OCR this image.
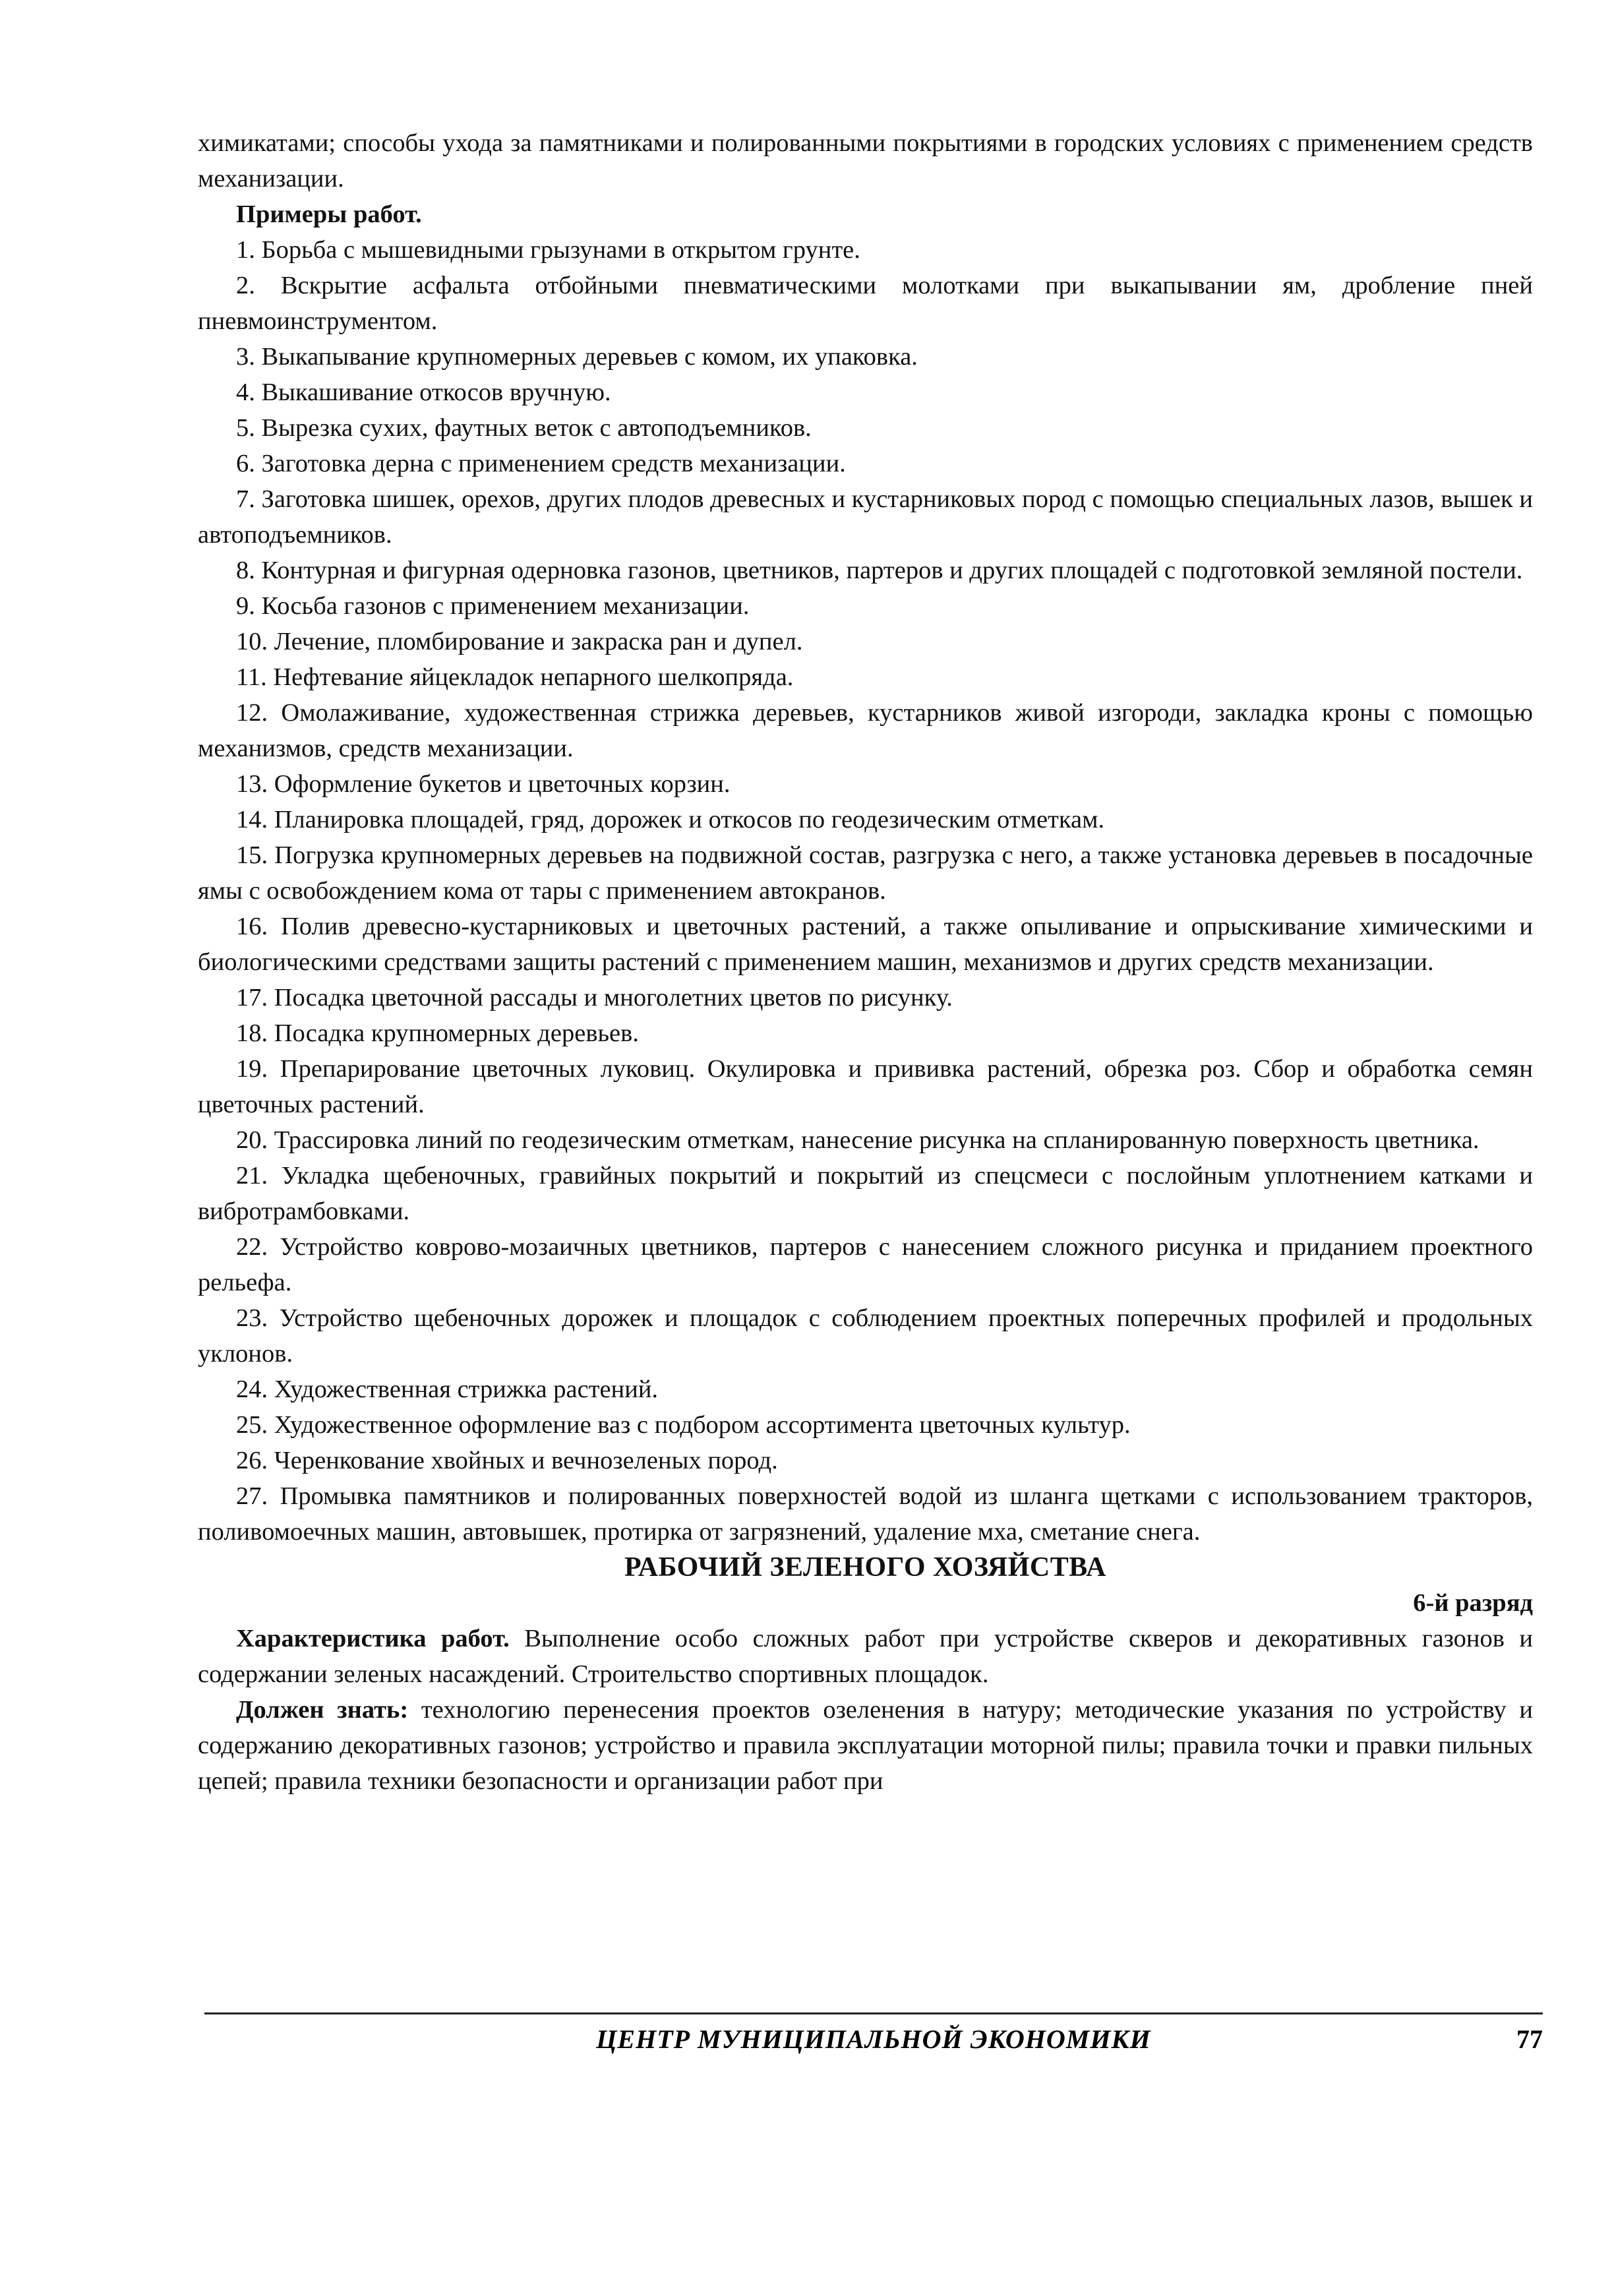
химикатами; способы ухода за памятниками и полированными покрытиями в городских условиях с применением средств механизации.

Примеры работ.

1. Борьба с мышевидными грызунами в открытом грунте.

2. Вскрытие асфальта отбойными пневматическими молотками при выкапывании ям, дробление пней пневмоинструментом.

3. Выкапывание крупномерных деревьев с комом, их упаковка.

4. Выкашивание откосов вручную.

5. Вырезка сухих, фаутных веток с автоподъемников.

6. Заготовка дерна с применением средств механизации.

7. Заготовка шишек, орехов, других плодов древесных и кустарниковых пород с помощью специальных лазов, вышек и автоподъемников.

8. Контурная и фигурная одерновка газонов, цветников, партеров и других площадей с подготовкой земляной постели.

9. Косьба газонов с применением механизации.

10. Лечение, пломбирование и закраска ран и дупел.

11. Нефтевание яйцекладок непарного шелкопряда.

12. Омолаживание, художественная стрижка деревьев, кустарников живой изгороди, закладка кроны с помощью механизмов, средств механизации.

13. Оформление букетов и цветочных корзин.

14. Планировка площадей, гряд, дорожек и откосов по геодезическим отметкам.

15. Погрузка крупномерных деревьев на подвижной состав, разгрузка с него, а также установка деревьев в посадочные ямы с освобождением кома от тары с применением автокранов.

16. Полив древесно-кустарниковых и цветочных растений, а также опыливание и опрыскивание химическими и биологическими средствами защиты растений с применением машин, механизмов и других средств механизации.

17. Посадка цветочной рассады и многолетних цветов по рисунку.

18. Посадка крупномерных деревьев.

19. Препарирование цветочных луковиц. Окулировка и прививка растений, обрезка роз. Сбор и обработка семян цветочных растений.

20. Трассировка линий по геодезическим отметкам, нанесение рисунка на спланированную поверхность цветника.

21. Укладка щебеночных, гравийных покрытий и покрытий из спецсмеси с послойным уплотнением катками и вибротрамбовками.

22. Устройство коврово-мозаичных цветников, партеров с нанесением сложного рисунка и приданием проектного рельефа.

23. Устройство щебеночных дорожек и площадок с соблюдением проектных поперечных профилей и продольных уклонов.

24. Художественная стрижка растений.

25. Художественное оформление ваз с подбором ассортимента цветочных культур.

26. Черенкование хвойных и вечнозеленых пород.

27. Промывка памятников и полированных поверхностей водой из шланга щетками с использованием тракторов, поливомоечных машин, автовышек, протирка от загрязнений, удаление мха, сметание снега.

РАБОЧИЙ ЗЕЛЕНОГО ХОЗЯЙСТВА

6-й разряд

Характеристика работ. Выполнение особо сложных работ при устройстве скверов и декоративных газонов и содержании зеленых насаждений. Строительство спортивных площадок.

Должен знать: технологию перенесения проектов озеленения в натуру; методические указания по устройству и содержанию декоративных газонов; устройство и правила эксплуатации моторной пилы; правила точки и правки пильных цепей; правила техники безопасности и организации работ при

ЦЕНТР МУНИЦИПАЛЬНОЙ ЭКОНОМИКИ	77
